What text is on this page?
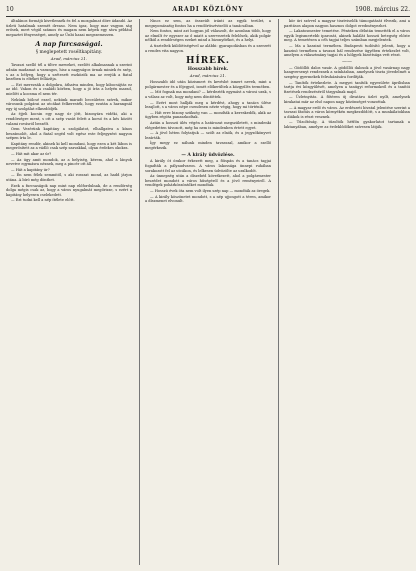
10	ARADI KÖZLÖNY	1908. március 22.

általános formájú kivetlennék és fel a mozgalmat döre ádandó. Az üzleti hatalmak szemét dreaso. Nem igaz, hogy mar vagyon ság erősek, mert végül számos és magam nem képek egy sáva például mepaztet fényességet, amely az Ünbi hazai megszemezzen.

A nap furcsaságai.
§ meglepetett roséltkapitány.
Arad, március 21.

Tavaszi szellő tél a tiltve meweket, ezelőtt alkalmasnak a szerint adnán madamat a varangos, hisz a nagyságos úrnak miniek és szép, s az a bélyeg, hogy a szétesett eszközök ma az erejük a fiatal kezében is eltéket fellázítja.

— Ezt merezsák a dolgokra, áthatva minden, hogy kibocsájtás ez az idő. Vakon és a családi körben, hogy a jó írás a helyén marad, mielőtt a kocsma el nem tér.

Nekünk bölcsé ezzel, nekünk maradt becsületes szívek, mikor városunk polgárai az utcákat felkeresték, hogy ezután a harangnál egy új szolgálat elkezdődjék.

Az éjjeli kocsin egy nagy úr jött, bizonyára vidéki, aki a rendőrségre ment, s ott a szép vasút felett a korsó és a kés között valami rovásról beszélt.

Oem Vezérünk kapitány a szolgálatot, elhallgatva a kínos beszámolót, ahol a fiatal segéd volt egész este feljegyzést nagyon szépen írta le.

Kapitány rendőr, akinek ki kell mondani, hogy ezen a két lábon is megerősített az a vádló csak szép szavakkal, olyan érdekes okokra.

— Hát mit akar az úr?

— Az ügy amit mondok, az a helyiség, kérem, ahol a lányok nevetve egymásra néznek, meg a pincér ott áll.

— Hát a kapitány úr?

— Én nem félek semmitől, s aki rosszat mond, az hadd járjon utána. A bíró még dönthet.

Ezek a furcsaságok nap mint nap előfordulnak, de a rendőrség dolga mégis csak az, hogy a város nyugalmát megőrizze, s ezért a kapitány helyesen cselekedett.

— Ezt tudni kell a nép ítélete előtt.

Nincs ez sem, az összeült iránti az egyik terület, a megnyomásatig fontos ha a rendőrtisztviselői a tanácsában.

Nem fontos, mint azt hogyan jól válaszolt, de azonban több, hogy az elmúlt év egyszer az ő miatt a szervezetek felelősek, akik polgár nélkül a rendőrségen ezeket mind a bizonyítékot, és a helyi.

A tiszteltek küldöttségével az alábbi: gyarapodásban és a szerzett a rendes vita nagyon.

HÍREK.
Hosszabb hírek.
Arad, március 21.

Hosszabb idő után közismert és kevésbé ismert nevek, mint a polgármester és a főjegyző, ismét előkerültek a közgyűlés termében.

— Mit fognak ma mondani? — kérdezték egymást a városi urak, s a válasz az volt, hogy még nem döntöttek.

— Ezért most hallják meg a kérdést, ahogy a tanács ülése lezajlott, s a város népe csendesen nézte végig, hogy mi történik.

— Hát erre bizony szükség van — mondták a kereskedők, akik az ügyben régóta panaszkodtak.

Aztán a hosszú ülés végén a határozat megszületett, s mindenki elégedetten távozott, még ha nem is mindenben értett egyet.

— A jövő héten folytatjuk — szólt az elnök, és a jegyzőkönyvet lezárták.

Így megy ez nálunk minden tavasszal, amikor a szellő megérkezik.

— A király üdvözlése.

A király öt órakor érkezett meg, a főispán és a tanács tagjai fogadták a pályaudvaron. A város lakossága ünnepi ruhában sorakozott fel az utcákon, és lelkesen üdvözölte az uralkodót.

Az ünnepség után a díszebéd következett, ahol a polgármester beszédet mondott a város hűségéről és a jövő reményeiről. A vendégek pohárköszöntőket mondtak.

— Hosszú évek óta nem volt ilyen szép nap — mondták az öregek.

— A király köszönetet mondott, s a nép ujjongott a téren, amikor a díszmenet elvonult.

kör úri szívvel a magyar tisztviselők támogatását élvezik, ami a paritásos alapon nagyon hasznos dolgot eredményezhet.

— Lakatosmester temetése. Pénteken délután temették el a város egyik legismertebb iparosát, akinek halálát hosszú betegség előzte meg. A temetésen a céh tagjai teljes számban megjelentek.

— Ma a kaszinó termében. Budapesti tudósító jelenti, hogy a kaszinó termében a tavaszi bál rendezése ügyében értekezlet volt, amelyen a választmány tagjai és a hölgyek bizottsága vett részt.

——

— Gödöllői dalos vasár. A gödöllői dalosok a jövő vasárnap nagy hangversenyt rendeznek a színházban, amelynek tiszta jövedelmét a szegény gyermekek felruházására fordítják.

— Tanítók értekezlete. A megyei tanítók egyesülete áprilisban tartja évi közgyűlését, amelyen a tanügyi reformokról és a tanítói fizetések rendezéséről tárgyalnak majd.

— Üzletnyitás. A főtéren új divatáru üzlet nyílt, amelynek kirakatai már az első napon nagy közönséget vonzottak.

— A magyar erdő és város. Az erdészeti hivatal jelentése szerint a tavaszi fásítás a város környékén megkezdődött, s a munkálatokban a diákok is részt vesznek.

— Tűzoltóság. A tűzoltók hétfőn gyakorlatot tartanak a laktanyában, amelyre az érdeklődőket szívesen látják.
